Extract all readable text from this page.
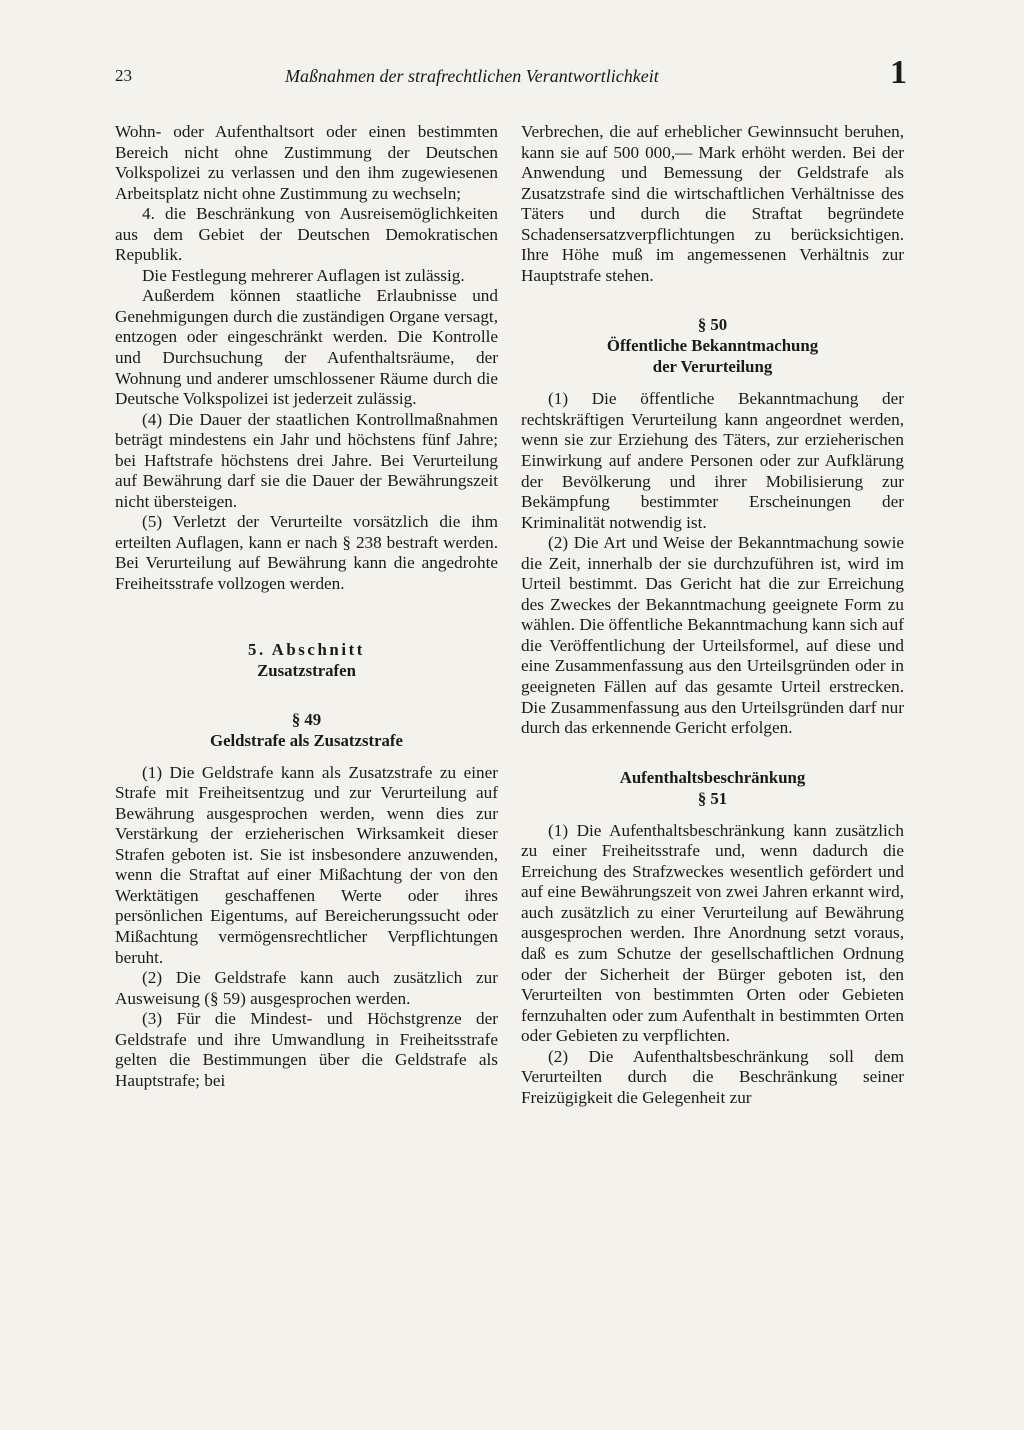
23	Maßnahmen der strafrechtlichen Verantwortlichkeit	1

Wohn- oder Aufenthaltsort oder einen bestimmten Bereich nicht ohne Zustimmung der Deutschen Volkspolizei zu verlassen und den ihm zugewiesenen Arbeitsplatz nicht ohne Zustimmung zu wechseln;

4. die Beschränkung von Ausreisemöglichkeiten aus dem Gebiet der Deutschen Demokratischen Republik.

Die Festlegung mehrerer Auflagen ist zulässig.

Außerdem können staatliche Erlaubnisse und Genehmigungen durch die zuständigen Organe versagt, entzogen oder eingeschränkt werden. Die Kontrolle und Durchsuchung der Aufenthaltsräume, der Wohnung und anderer umschlossener Räume durch die Deutsche Volkspolizei ist jederzeit zulässig.

(4) Die Dauer der staatlichen Kontrollmaßnahmen beträgt mindestens ein Jahr und höchstens fünf Jahre; bei Haftstrafe höchstens drei Jahre. Bei Verurteilung auf Bewährung darf sie die Dauer der Bewährungszeit nicht übersteigen.

(5) Verletzt der Verurteilte vorsätzlich die ihm erteilten Auflagen, kann er nach § 238 bestraft werden. Bei Verurteilung auf Bewährung kann die angedrohte Freiheitsstrafe vollzogen werden.

5. Abschnitt

Zusatzstrafen

§ 49

Geldstrafe als Zusatzstrafe

(1) Die Geldstrafe kann als Zusatzstrafe zu einer Strafe mit Freiheitsentzug und zur Verurteilung auf Bewährung ausgesprochen werden, wenn dies zur Verstärkung der erzieherischen Wirksamkeit dieser Strafen geboten ist. Sie ist insbesondere anzuwenden, wenn die Straftat auf einer Mißachtung der von den Werktätigen geschaffenen Werte oder ihres persönlichen Eigentums, auf Bereicherungssucht oder Mißachtung vermögensrechtlicher Verpflichtungen beruht.

(2) Die Geldstrafe kann auch zusätzlich zur Ausweisung (§ 59) ausgesprochen werden.

(3) Für die Mindest- und Höchstgrenze der Geldstrafe und ihre Umwandlung in Freiheitsstrafe gelten die Bestimmungen über die Geldstrafe als Hauptstrafe; bei

Verbrechen, die auf erheblicher Gewinnsucht beruhen, kann sie auf 500 000,— Mark erhöht werden. Bei der Anwendung und Bemessung der Geldstrafe als Zusatzstrafe sind die wirtschaftlichen Verhältnisse des Täters und durch die Straftat begründete Schadensersatzverpflichtungen zu berücksichtigen. Ihre Höhe muß im angemessenen Verhältnis zur Hauptstrafe stehen.

§ 50

Öffentliche Bekanntmachung

der Verurteilung

(1) Die öffentliche Bekanntmachung der rechtskräftigen Verurteilung kann angeordnet werden, wenn sie zur Erziehung des Täters, zur erzieherischen Einwirkung auf andere Personen oder zur Aufklärung der Bevölkerung und ihrer Mobilisierung zur Bekämpfung bestimmter Erscheinungen der Kriminalität notwendig ist.

(2) Die Art und Weise der Bekanntmachung sowie die Zeit, innerhalb der sie durchzuführen ist, wird im Urteil bestimmt. Das Gericht hat die zur Erreichung des Zweckes der Bekanntmachung geeignete Form zu wählen. Die öffentliche Bekanntmachung kann sich auf die Veröffentlichung der Urteilsformel, auf diese und eine Zusammenfassung aus den Urteilsgründen oder in geeigneten Fällen auf das gesamte Urteil erstrecken. Die Zusammenfassung aus den Urteilsgründen darf nur durch das erkennende Gericht erfolgen.

Aufenthaltsbeschränkung

§ 51

(1) Die Aufenthaltsbeschränkung kann zusätzlich zu einer Freiheitsstrafe und, wenn dadurch die Erreichung des Strafzweckes wesentlich gefördert und auf eine Bewährungszeit von zwei Jahren erkannt wird, auch zusätzlich zu einer Verurteilung auf Bewährung ausgesprochen werden. Ihre Anordnung setzt voraus, daß es zum Schutze der gesellschaftlichen Ordnung oder der Sicherheit der Bürger geboten ist, den Verurteilten von bestimmten Orten oder Gebieten fernzuhalten oder zum Aufenthalt in bestimmten Orten oder Gebieten zu verpflichten.

(2) Die Aufenthaltsbeschränkung soll dem Verurteilten durch die Beschränkung seiner Freizügigkeit die Gelegenheit zur
